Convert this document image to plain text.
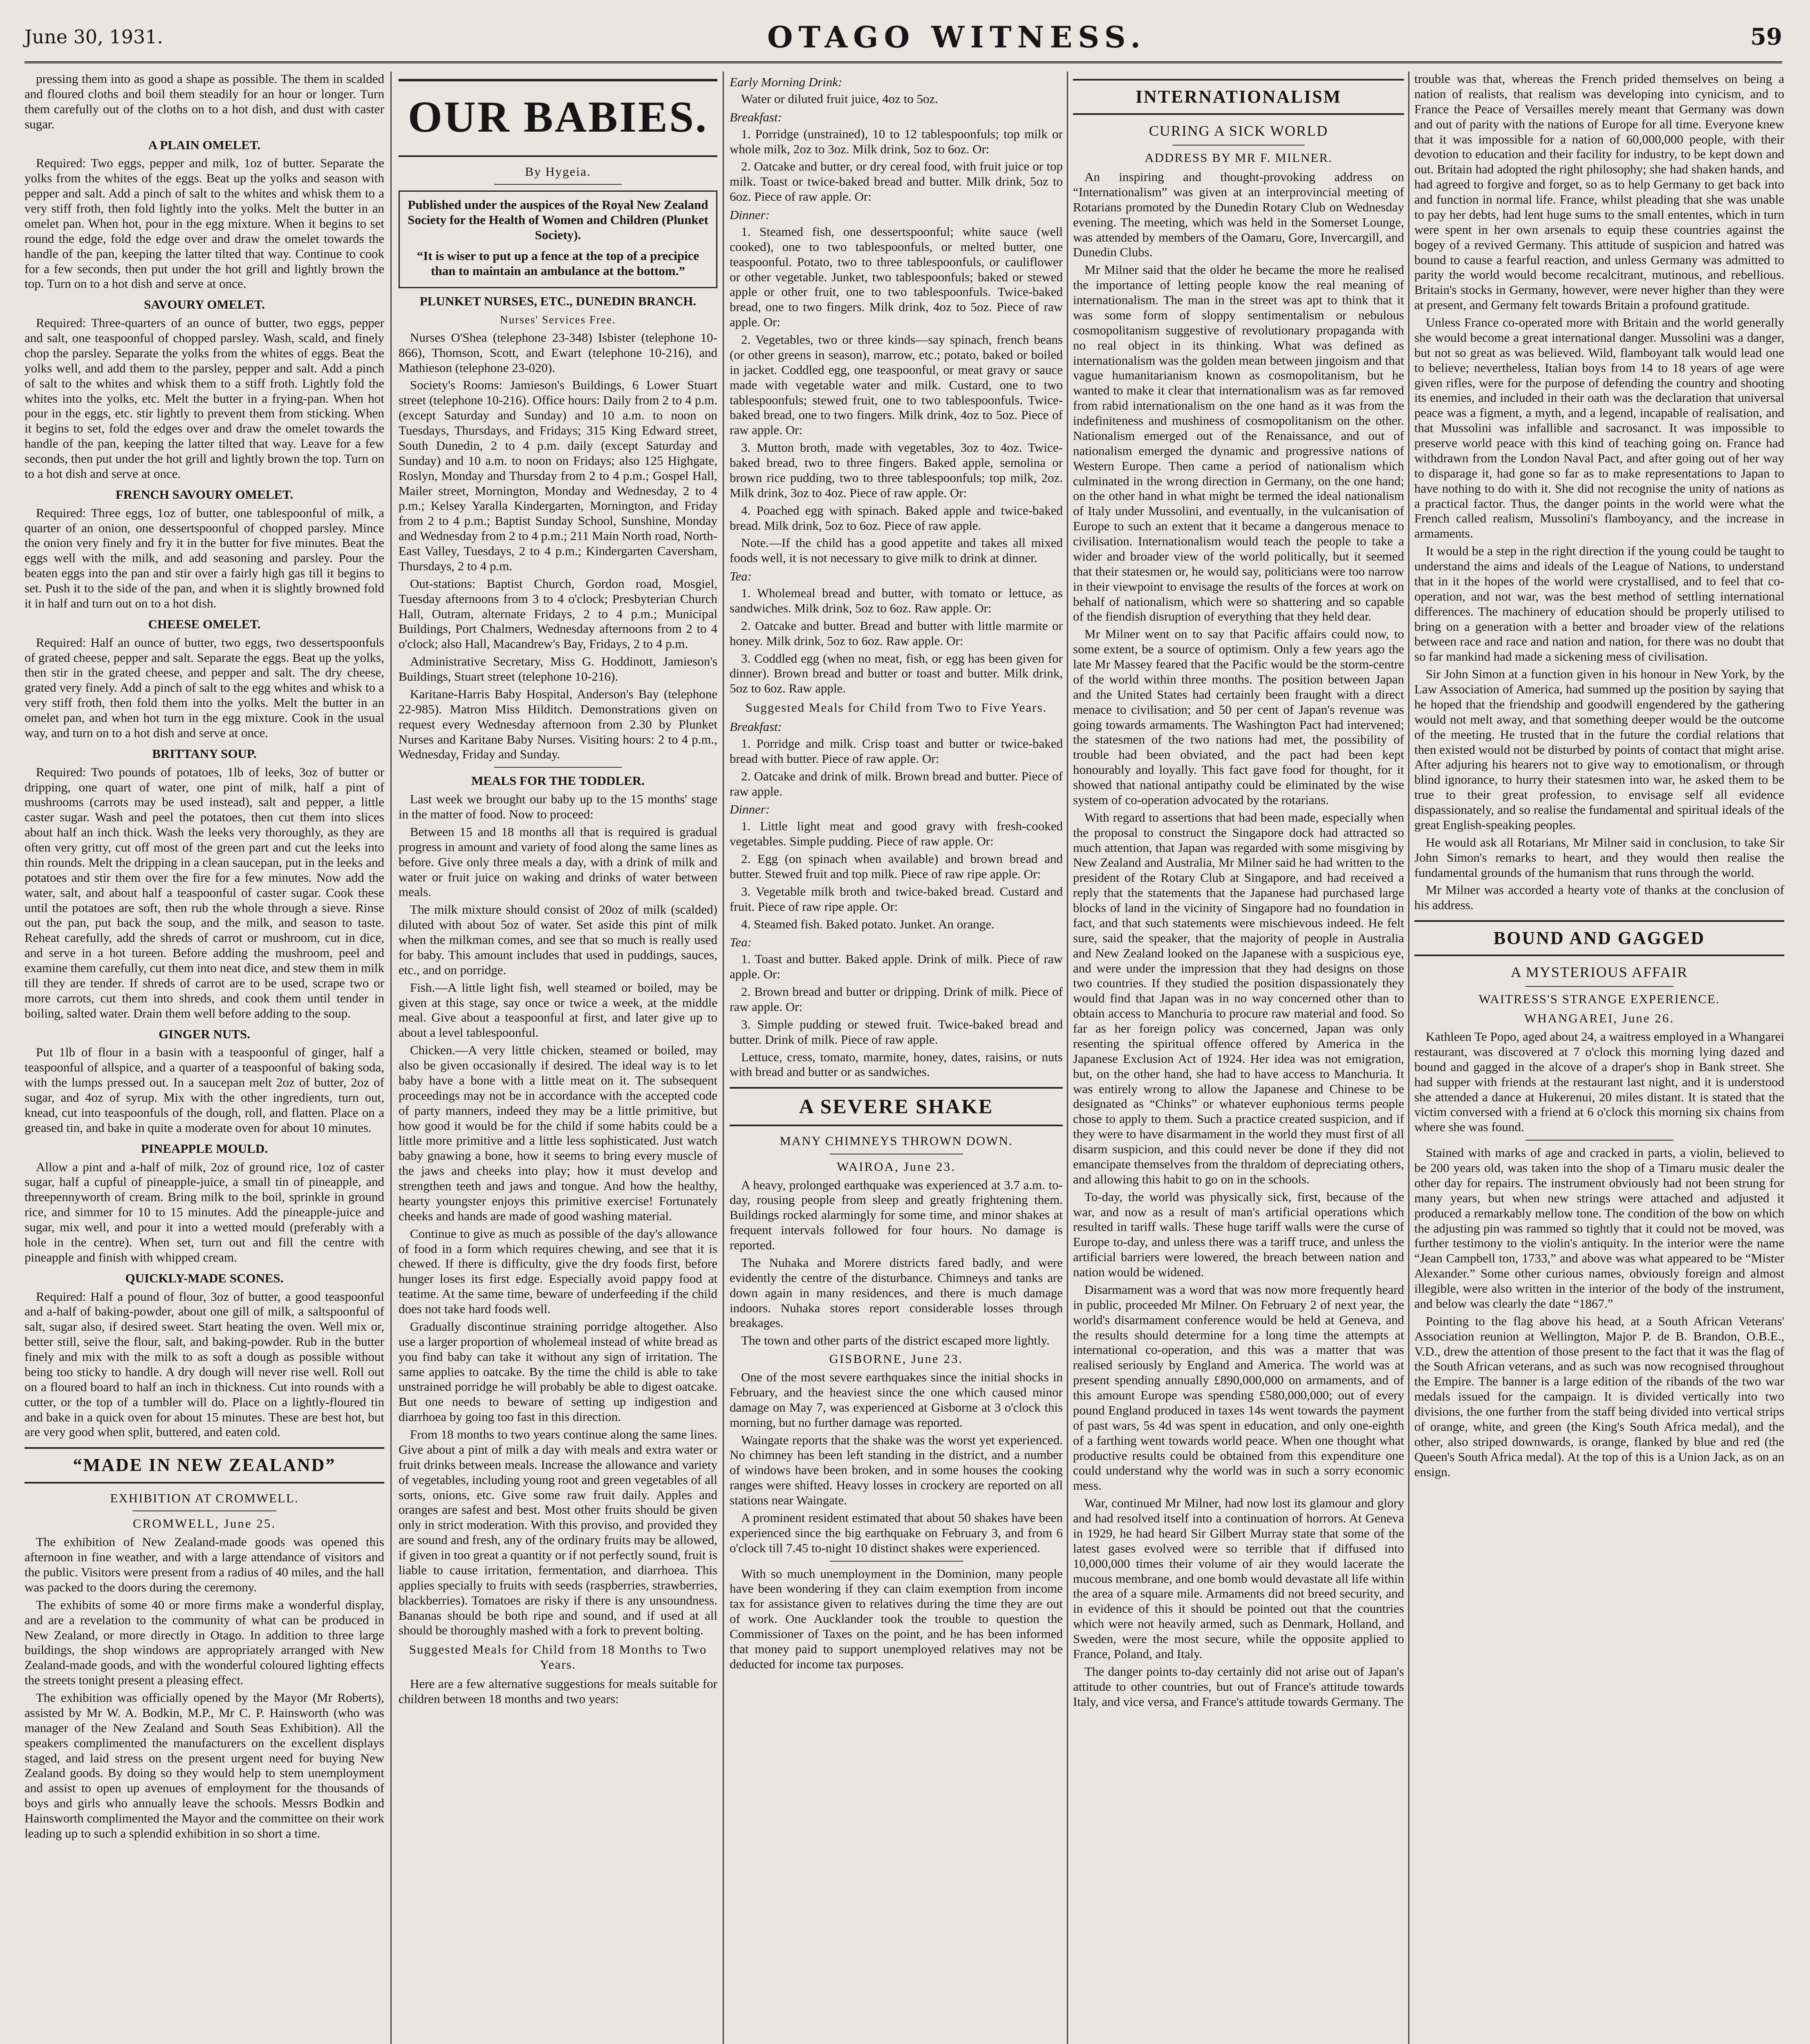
June 30, 1931.	OTAGO WITNESS.	59

pressing them into as good a shape as possible. The them in scalded and floured cloths and boil them steadily for an hour or longer. Turn them carefully out of the cloths on to a hot dish, and dust with caster sugar.

A PLAIN OMELET.

Required: Two eggs, pepper and milk, 1oz of butter. Separate the yolks from the whites of the eggs. Beat up the yolks and season with pepper and salt. Add a pinch of salt to the whites and whisk them to a very stiff froth, then fold lightly into the yolks. Melt the butter in an omelet pan. When hot, pour in the egg mixture. When it begins to set round the edge, fold the edge over and draw the omelet towards the handle of the pan, keeping the latter tilted that way. Continue to cook for a few seconds, then put under the hot grill and lightly brown the top. Turn on to a hot dish and serve at once.

SAVOURY OMELET.

Required: Three-quarters of an ounce of butter, two eggs, pepper and salt, one teaspoonful of chopped parsley. Wash, scald, and finely chop the parsley. Separate the yolks from the whites of eggs. Beat the yolks well, and add them to the parsley, pepper and salt. Add a pinch of salt to the whites and whisk them to a stiff froth. Lightly fold the whites into the yolks, etc. Melt the butter in a frying-pan. When hot pour in the eggs, etc. stir lightly to prevent them from sticking. When it begins to set, fold the edges over and draw the omelet towards the handle of the pan, keeping the latter tilted that way. Leave for a few seconds, then put under the hot grill and lightly brown the top. Turn on to a hot dish and serve at once.

FRENCH SAVOURY OMELET.

Required: Three eggs, 1oz of butter, one tablespoonful of milk, a quarter of an onion, one dessertspoonful of chopped parsley. Mince the onion very finely and fry it in the butter for five minutes. Beat the eggs well with the milk, and add seasoning and parsley. Pour the beaten eggs into the pan and stir over a fairly high gas till it begins to set. Push it to the side of the pan, and when it is slightly browned fold it in half and turn out on to a hot dish.

CHEESE OMELET.

Required: Half an ounce of butter, two eggs, two dessertspoonfuls of grated cheese, pepper and salt. Separate the eggs. Beat up the yolks, then stir in the grated cheese, and pepper and salt. The dry cheese, grated very finely. Add a pinch of salt to the egg whites and whisk to a very stiff froth, then fold them into the yolks. Melt the butter in an omelet pan, and when hot turn in the egg mixture. Cook in the usual way, and turn on to a hot dish and serve at once.

BRITTANY SOUP.

Required: Two pounds of potatoes, 1lb of leeks, 3oz of butter or dripping, one quart of water, one pint of milk, half a pint of mushrooms (carrots may be used instead), salt and pepper, a little caster sugar. Wash and peel the potatoes, then cut them into slices about half an inch thick. Wash the leeks very thoroughly, as they are often very gritty, cut off most of the green part and cut the leeks into thin rounds. Melt the dripping in a clean saucepan, put in the leeks and potatoes and stir them over the fire for a few minutes. Now add the water, salt, and about half a teaspoonful of caster sugar. Cook these until the potatoes are soft, then rub the whole through a sieve. Rinse out the pan, put back the soup, and the milk, and season to taste. Reheat carefully, add the shreds of carrot or mushroom, cut in dice, and serve in a hot tureen. Before adding the mushroom, peel and examine them carefully, cut them into neat dice, and stew them in milk till they are tender. If shreds of carrot are to be used, scrape two or more carrots, cut them into shreds, and cook them until tender in boiling, salted water. Drain them well before adding to the soup.

GINGER NUTS.

Put 1lb of flour in a basin with a teaspoonful of ginger, half a teaspoonful of allspice, and a quarter of a teaspoonful of baking soda, with the lumps pressed out. In a saucepan melt 2oz of butter, 2oz of sugar, and 4oz of syrup. Mix with the other ingredients, turn out, knead, cut into teaspoonfuls of the dough, roll, and flatten. Place on a greased tin, and bake in quite a moderate oven for about 10 minutes.

PINEAPPLE MOULD.

Allow a pint and a-half of milk, 2oz of ground rice, 1oz of caster sugar, half a cupful of pineapple-juice, a small tin of pineapple, and threepennyworth of cream. Bring milk to the boil, sprinkle in ground rice, and simmer for 10 to 15 minutes. Add the pineapple-juice and sugar, mix well, and pour it into a wetted mould (preferably with a hole in the centre). When set, turn out and fill the centre with pineapple and finish with whipped cream.

QUICKLY-MADE SCONES.

Required: Half a pound of flour, 3oz of butter, a good teaspoonful and a-half of baking-powder, about one gill of milk, a saltspoonful of salt, sugar also, if desired sweet. Start heating the oven. Well mix or, better still, seive the flour, salt, and baking-powder. Rub in the butter finely and mix with the milk to as soft a dough as possible without being too sticky to handle. A dry dough will never rise well. Roll out on a floured board to half an inch in thickness. Cut into rounds with a cutter, or the top of a tumbler will do. Place on a lightly-floured tin and bake in a quick oven for about 15 minutes. These are best hot, but are very good when split, buttered, and eaten cold.

“MADE IN NEW ZEALAND”

EXHIBITION AT CROMWELL.

CROMWELL, June 25.

The exhibition of New Zealand-made goods was opened this afternoon in fine weather, and with a large attendance of visitors and the public. Visitors were present from a radius of 40 miles, and the hall was packed to the doors during the ceremony.

The exhibits of some 40 or more firms make a wonderful display, and are a revelation to the community of what can be produced in New Zealand, or more directly in Otago. In addition to three large buildings, the shop windows are appropriately arranged with New Zealand-made goods, and with the wonderful coloured lighting effects the streets tonight present a pleasing effect.

The exhibition was officially opened by the Mayor (Mr Roberts), assisted by Mr W. A. Bodkin, M.P., Mr C. P. Hainsworth (who was manager of the New Zealand and South Seas Exhibition). All the speakers complimented the manufacturers on the excellent displays staged, and laid stress on the present urgent need for buying New Zealand goods. By doing so they would help to stem unemployment and assist to open up avenues of employment for the thousands of boys and girls who annually leave the schools. Messrs Bodkin and Hainsworth complimented the Mayor and the committee on their work leading up to such a splendid exhibition in so short a time.

OUR BABIES.

By Hygeia.

Published under the auspices of the Royal New Zealand Society for the Health of Women and Children (Plunket Society).

“It is wiser to put up a fence at the top of a precipice than to maintain an ambulance at the bottom.”

PLUNKET NURSES, ETC., DUNEDIN BRANCH.

Nurses' Services Free.

Nurses O'Shea (telephone 23-348) Isbister (telephone 10-866), Thomson, Scott, and Ewart (telephone 10-216), and Mathieson (telephone 23-020).

Society's Rooms: Jamieson's Buildings, 6 Lower Stuart street (telephone 10-216). Office hours: Daily from 2 to 4 p.m. (except Saturday and Sunday) and 10 a.m. to noon on Tuesdays, Thursdays, and Fridays; 315 King Edward street, South Dunedin, 2 to 4 p.m. daily (except Saturday and Sunday) and 10 a.m. to noon on Fridays; also 125 Highgate, Roslyn, Monday and Thursday from 2 to 4 p.m.; Gospel Hall, Mailer street, Mornington, Monday and Wednesday, 2 to 4 p.m.; Kelsey Yaralla Kindergarten, Mornington, and Friday from 2 to 4 p.m.; Baptist Sunday School, Sunshine, Monday and Wednesday from 2 to 4 p.m.; 211 Main North road, North-East Valley, Tuesdays, 2 to 4 p.m.; Kindergarten Caversham, Thursdays, 2 to 4 p.m.

Out-stations: Baptist Church, Gordon road, Mosgiel, Tuesday afternoons from 3 to 4 o'clock; Presbyterian Church Hall, Outram, alternate Fridays, 2 to 4 p.m.; Municipal Buildings, Port Chalmers, Wednesday afternoons from 2 to 4 o'clock; also Hall, Macandrew's Bay, Fridays, 2 to 4 p.m.

Administrative Secretary, Miss G. Hoddinott, Jamieson's Buildings, Stuart street (telephone 10-216).

Karitane-Harris Baby Hospital, Anderson's Bay (telephone 22-985). Matron Miss Hilditch. Demonstrations given on request every Wednesday afternoon from 2.30 by Plunket Nurses and Karitane Baby Nurses. Visiting hours: 2 to 4 p.m., Wednesday, Friday and Sunday.

MEALS FOR THE TODDLER.

Last week we brought our baby up to the 15 months' stage in the matter of food. Now to proceed:

Between 15 and 18 months all that is required is gradual progress in amount and variety of food along the same lines as before. Give only three meals a day, with a drink of milk and water or fruit juice on waking and drinks of water between meals.

The milk mixture should consist of 20oz of milk (scalded) diluted with about 5oz of water. Set aside this pint of milk when the milkman comes, and see that so much is really used for baby. This amount includes that used in puddings, sauces, etc., and on porridge.

Fish.—A little light fish, well steamed or boiled, may be given at this stage, say once or twice a week, at the middle meal. Give about a teaspoonful at first, and later give up to about a level tablespoonful.

Chicken.—A very little chicken, steamed or boiled, may also be given occasionally if desired. The ideal way is to let baby have a bone with a little meat on it. The subsequent proceedings may not be in accordance with the accepted code of party manners, indeed they may be a little primitive, but how good it would be for the child if some habits could be a little more primitive and a little less sophisticated. Just watch baby gnawing a bone, how it seems to bring every muscle of the jaws and cheeks into play; how it must develop and strengthen teeth and jaws and tongue. And how the healthy, hearty youngster enjoys this primitive exercise! Fortunately cheeks and hands are made of good washing material.

Continue to give as much as possible of the day's allowance of food in a form which requires chewing, and see that it is chewed. If there is difficulty, give the dry foods first, before hunger loses its first edge. Especially avoid pappy food at teatime. At the same time, beware of underfeeding if the child does not take hard foods well.

Gradually discontinue straining porridge altogether. Also use a larger proportion of wholemeal instead of white bread as you find baby can take it without any sign of irritation. The same applies to oatcake. By the time the child is able to take unstrained porridge he will probably be able to digest oatcake. But one needs to beware of setting up indigestion and diarrhoea by going too fast in this direction.

From 18 months to two years continue along the same lines. Give about a pint of milk a day with meals and extra water or fruit drinks between meals. Increase the allowance and variety of vegetables, including young root and green vegetables of all sorts, onions, etc. Give some raw fruit daily. Apples and oranges are safest and best. Most other fruits should be given only in strict moderation. With this proviso, and provided they are sound and fresh, any of the ordinary fruits may be allowed, if given in too great a quantity or if not perfectly sound, fruit is liable to cause irritation, fermentation, and diarrhoea. This applies specially to fruits with seeds (raspberries, strawberries, blackberries). Tomatoes are risky if there is any unsoundness. Bananas should be both ripe and sound, and if used at all should be thoroughly mashed with a fork to prevent bolting.

Suggested Meals for Child from 18 Months to Two Years.

Here are a few alternative suggestions for meals suitable for children between 18 months and two years:

Early Morning Drink:

Water or diluted fruit juice, 4oz to 5oz.

Breakfast:

1. Porridge (unstrained), 10 to 12 tablespoonfuls; top milk or whole milk, 2oz to 3oz. Milk drink, 5oz to 6oz. Or:

2. Oatcake and butter, or dry cereal food, with fruit juice or top milk. Toast or twice-baked bread and butter. Milk drink, 5oz to 6oz. Piece of raw apple. Or:

Dinner:

1. Steamed fish, one dessertspoonful; white sauce (well cooked), one to two tablespoonfuls, or melted butter, one teaspoonful. Potato, two to three tablespoonfuls, or cauliflower or other vegetable. Junket, two tablespoonfuls; baked or stewed apple or other fruit, one to two tablespoonfuls. Twice-baked bread, one to two fingers. Milk drink, 4oz to 5oz. Piece of raw apple. Or:

2. Vegetables, two or three kinds—say spinach, french beans (or other greens in season), marrow, etc.; potato, baked or boiled in jacket. Coddled egg, one teaspoonful, or meat gravy or sauce made with vegetable water and milk. Custard, one to two tablespoonfuls; stewed fruit, one to two tablespoonfuls. Twice-baked bread, one to two fingers. Milk drink, 4oz to 5oz. Piece of raw apple. Or:

3. Mutton broth, made with vegetables, 3oz to 4oz. Twice-baked bread, two to three fingers. Baked apple, semolina or brown rice pudding, two to three tablespoonfuls; top milk, 2oz. Milk drink, 3oz to 4oz. Piece of raw apple. Or:

4. Poached egg with spinach. Baked apple and twice-baked bread. Milk drink, 5oz to 6oz. Piece of raw apple.

Note.—If the child has a good appetite and takes all mixed foods well, it is not necessary to give milk to drink at dinner.

Tea:

1. Wholemeal bread and butter, with tomato or lettuce, as sandwiches. Milk drink, 5oz to 6oz. Raw apple. Or:

2. Oatcake and butter. Bread and butter with little marmite or honey. Milk drink, 5oz to 6oz. Raw apple. Or:

3. Coddled egg (when no meat, fish, or egg has been given for dinner). Brown bread and butter or toast and butter. Milk drink, 5oz to 6oz. Raw apple.

Suggested Meals for Child from Two to Five Years.

Breakfast:

1. Porridge and milk. Crisp toast and butter or twice-baked bread with butter. Piece of raw apple. Or:

2. Oatcake and drink of milk. Brown bread and butter. Piece of raw apple.

Dinner:

1. Little light meat and good gravy with fresh-cooked vegetables. Simple pudding. Piece of raw apple. Or:

2. Egg (on spinach when available) and brown bread and butter. Stewed fruit and top milk. Piece of raw ripe apple. Or:

3. Vegetable milk broth and twice-baked bread. Custard and fruit. Piece of raw ripe apple. Or:

4. Steamed fish. Baked potato. Junket. An orange.

Tea:

1. Toast and butter. Baked apple. Drink of milk. Piece of raw apple. Or:

2. Brown bread and butter or dripping. Drink of milk. Piece of raw apple. Or:

3. Simple pudding or stewed fruit. Twice-baked bread and butter. Drink of milk. Piece of raw apple.

Lettuce, cress, tomato, marmite, honey, dates, raisins, or nuts with bread and butter or as sandwiches.

A SEVERE SHAKE

MANY CHIMNEYS THROWN DOWN.

WAIROA, June 23.

A heavy, prolonged earthquake was experienced at 3.7 a.m. to-day, rousing people from sleep and greatly frightening them. Buildings rocked alarmingly for some time, and minor shakes at frequent intervals followed for four hours. No damage is reported.

The Nuhaka and Morere districts fared badly, and were evidently the centre of the disturbance. Chimneys and tanks are down again in many residences, and there is much damage indoors. Nuhaka stores report considerable losses through breakages.

The town and other parts of the district escaped more lightly.

GISBORNE, June 23.

One of the most severe earthquakes since the initial shocks in February, and the heaviest since the one which caused minor damage on May 7, was experienced at Gisborne at 3 o'clock this morning, but no further damage was reported.

Waingate reports that the shake was the worst yet experienced. No chimney has been left standing in the district, and a number of windows have been broken, and in some houses the cooking ranges were shifted. Heavy losses in crockery are reported on all stations near Waingate.

A prominent resident estimated that about 50 shakes have been experienced since the big earthquake on February 3, and from 6 o'clock till 7.45 to-night 10 distinct shakes were experienced.

With so much unemployment in the Dominion, many people have been wondering if they can claim exemption from income tax for assistance given to relatives during the time they are out of work. One Aucklander took the trouble to question the Commissioner of Taxes on the point, and he has been informed that money paid to support unemployed relatives may not be deducted for income tax purposes.

INTERNATIONALISM

CURING A SICK WORLD

ADDRESS BY MR F. MILNER.

An inspiring and thought-provoking address on “Internationalism” was given at an interprovincial meeting of Rotarians promoted by the Dunedin Rotary Club on Wednesday evening. The meeting, which was held in the Somerset Lounge, was attended by members of the Oamaru, Gore, Invercargill, and Dunedin Clubs.

Mr Milner said that the older he became the more he realised the importance of letting people know the real meaning of internationalism. The man in the street was apt to think that it was some form of sloppy sentimentalism or nebulous cosmopolitanism suggestive of revolutionary propaganda with no real object in its thinking. What was defined as internationalism was the golden mean between jingoism and that vague humanitarianism known as cosmopolitanism, but he wanted to make it clear that internationalism was as far removed from rabid internationalism on the one hand as it was from the indefiniteness and mushiness of cosmopolitanism on the other. Nationalism emerged out of the Renaissance, and out of nationalism emerged the dynamic and progressive nations of Western Europe. Then came a period of nationalism which culminated in the wrong direction in Germany, on the one hand; on the other hand in what might be termed the ideal nationalism of Italy under Mussolini, and eventually, in the vulcanisation of Europe to such an extent that it became a dangerous menace to civilisation. Internationalism would teach the people to take a wider and broader view of the world politically, but it seemed that their statesmen or, he would say, politicians were too narrow in their viewpoint to envisage the results of the forces at work on behalf of nationalism, which were so shattering and so capable of the fiendish disruption of everything that they held dear.

Mr Milner went on to say that Pacific affairs could now, to some extent, be a source of optimism. Only a few years ago the late Mr Massey feared that the Pacific would be the storm-centre of the world within three months. The position between Japan and the United States had certainly been fraught with a direct menace to civilisation; and 50 per cent of Japan's revenue was going towards armaments. The Washington Pact had intervened; the statesmen of the two nations had met, the possibility of trouble had been obviated, and the pact had been kept honourably and loyally. This fact gave food for thought, for it showed that national antipathy could be eliminated by the wise system of co-operation advocated by the rotarians.

With regard to assertions that had been made, especially when the proposal to construct the Singapore dock had attracted so much attention, that Japan was regarded with some misgiving by New Zealand and Australia, Mr Milner said he had written to the president of the Rotary Club at Singapore, and had received a reply that the statements that the Japanese had purchased large blocks of land in the vicinity of Singapore had no foundation in fact, and that such statements were mischievous indeed. He felt sure, said the speaker, that the majority of people in Australia and New Zealand looked on the Japanese with a suspicious eye, and were under the impression that they had designs on those two countries. If they studied the position dispassionately they would find that Japan was in no way concerned other than to obtain access to Manchuria to procure raw material and food. So far as her foreign policy was concerned, Japan was only resenting the spiritual offence offered by America in the Japanese Exclusion Act of 1924. Her idea was not emigration, but, on the other hand, she had to have access to Manchuria. It was entirely wrong to allow the Japanese and Chinese to be designated as “Chinks” or whatever euphonious terms people chose to apply to them. Such a practice created suspicion, and if they were to have disarmament in the world they must first of all disarm suspicion, and this could never be done if they did not emancipate themselves from the thraldom of depreciating others, and allowing this habit to go on in the schools.

To-day, the world was physically sick, first, because of the war, and now as a result of man's artificial operations which resulted in tariff walls. These huge tariff walls were the curse of Europe to-day, and unless there was a tariff truce, and unless the artificial barriers were lowered, the breach between nation and nation would be widened.

Disarmament was a word that was now more frequently heard in public, proceeded Mr Milner. On February 2 of next year, the world's disarmament conference would be held at Geneva, and the results should determine for a long time the attempts at international co-operation, and this was a matter that was realised seriously by England and America. The world was at present spending annually £890,000,000 on armaments, and of this amount Europe was spending £580,000,000; out of every pound England produced in taxes 14s went towards the payment of past wars, 5s 4d was spent in education, and only one-eighth of a farthing went towards world peace. When one thought what productive results could be obtained from this expenditure one could understand why the world was in such a sorry economic mess.

War, continued Mr Milner, had now lost its glamour and glory and had resolved itself into a continuation of horrors. At Geneva in 1929, he had heard Sir Gilbert Murray state that some of the latest gases evolved were so terrible that if diffused into 10,000,000 times their volume of air they would lacerate the mucous membrane, and one bomb would devastate all life within the area of a square mile. Armaments did not breed security, and in evidence of this it should be pointed out that the countries which were not heavily armed, such as Denmark, Holland, and Sweden, were the most secure, while the opposite applied to France, Poland, and Italy.

The danger points to-day certainly did not arise out of Japan's attitude to other countries, but out of France's attitude towards Italy, and vice versa, and France's attitude towards Germany. The

trouble was that, whereas the French prided themselves on being a nation of realists, that realism was developing into cynicism, and to France the Peace of Versailles merely meant that Germany was down and out of parity with the nations of Europe for all time. Everyone knew that it was impossible for a nation of 60,000,000 people, with their devotion to education and their facility for industry, to be kept down and out. Britain had adopted the right philosophy; she had shaken hands, and had agreed to forgive and forget, so as to help Germany to get back into and function in normal life. France, whilst pleading that she was unable to pay her debts, had lent huge sums to the small ententes, which in turn were spent in her own arsenals to equip these countries against the bogey of a revived Germany. This attitude of suspicion and hatred was bound to cause a fearful reaction, and unless Germany was admitted to parity the world would become recalcitrant, mutinous, and rebellious. Britain's stocks in Germany, however, were never higher than they were at present, and Germany felt towards Britain a profound gratitude.

Unless France co-operated more with Britain and the world generally she would become a great international danger. Mussolini was a danger, but not so great as was believed. Wild, flamboyant talk would lead one to believe; nevertheless, Italian boys from 14 to 18 years of age were given rifles, were for the purpose of defending the country and shooting its enemies, and included in their oath was the declaration that universal peace was a figment, a myth, and a legend, incapable of realisation, and that Mussolini was infallible and sacrosanct. It was impossible to preserve world peace with this kind of teaching going on. France had withdrawn from the London Naval Pact, and after going out of her way to disparage it, had gone so far as to make representations to Japan to have nothing to do with it. She did not recognise the unity of nations as a practical factor. Thus, the danger points in the world were what the French called realism, Mussolini's flamboyancy, and the increase in armaments.

It would be a step in the right direction if the young could be taught to understand the aims and ideals of the League of Nations, to understand that in it the hopes of the world were crystallised, and to feel that co-operation, and not war, was the best method of settling international differences. The machinery of education should be properly utilised to bring on a generation with a better and broader view of the relations between race and race and nation and nation, for there was no doubt that so far mankind had made a sickening mess of civilisation.

Sir John Simon at a function given in his honour in New York, by the Law Association of America, had summed up the position by saying that he hoped that the friendship and goodwill engendered by the gathering would not melt away, and that something deeper would be the outcome of the meeting. He trusted that in the future the cordial relations that then existed would not be disturbed by points of contact that might arise. After adjuring his hearers not to give way to emotionalism, or through blind ignorance, to hurry their statesmen into war, he asked them to be true to their great profession, to envisage self all evidence dispassionately, and so realise the fundamental and spiritual ideals of the great English-speaking peoples.

He would ask all Rotarians, Mr Milner said in conclusion, to take Sir John Simon's remarks to heart, and they would then realise the fundamental grounds of the humanism that runs through the world.

Mr Milner was accorded a hearty vote of thanks at the conclusion of his address.

BOUND AND GAGGED

A MYSTERIOUS AFFAIR

WAITRESS'S STRANGE EXPERIENCE.

WHANGAREI, June 26.

Kathleen Te Popo, aged about 24, a waitress employed in a Whangarei restaurant, was discovered at 7 o'clock this morning lying dazed and bound and gagged in the alcove of a draper's shop in Bank street. She had supper with friends at the restaurant last night, and it is understood she attended a dance at Hukerenui, 20 miles distant. It is stated that the victim conversed with a friend at 6 o'clock this morning six chains from where she was found.

Stained with marks of age and cracked in parts, a violin, believed to be 200 years old, was taken into the shop of a Timaru music dealer the other day for repairs. The instrument obviously had not been strung for many years, but when new strings were attached and adjusted it produced a remarkably mellow tone. The condition of the bow on which the adjusting pin was rammed so tightly that it could not be moved, was further testimony to the violin's antiquity. In the interior were the name “Jean Campbell ton, 1733,” and above was what appeared to be “Mister Alexander.” Some other curious names, obviously foreign and almost illegible, were also written in the interior of the body of the instrument, and below was clearly the date “1867.”

Pointing to the flag above his head, at a South African Veterans' Association reunion at Wellington, Major P. de B. Brandon, O.B.E., V.D., drew the attention of those present to the fact that it was the flag of the South African veterans, and as such was now recognised throughout the Empire. The banner is a large edition of the ribands of the two war medals issued for the campaign. It is divided vertically into two divisions, the one further from the staff being divided into vertical strips of orange, white, and green (the King's South Africa medal), and the other, also striped downwards, is orange, flanked by blue and red (the Queen's South Africa medal). At the top of this is a Union Jack, as on an ensign.
